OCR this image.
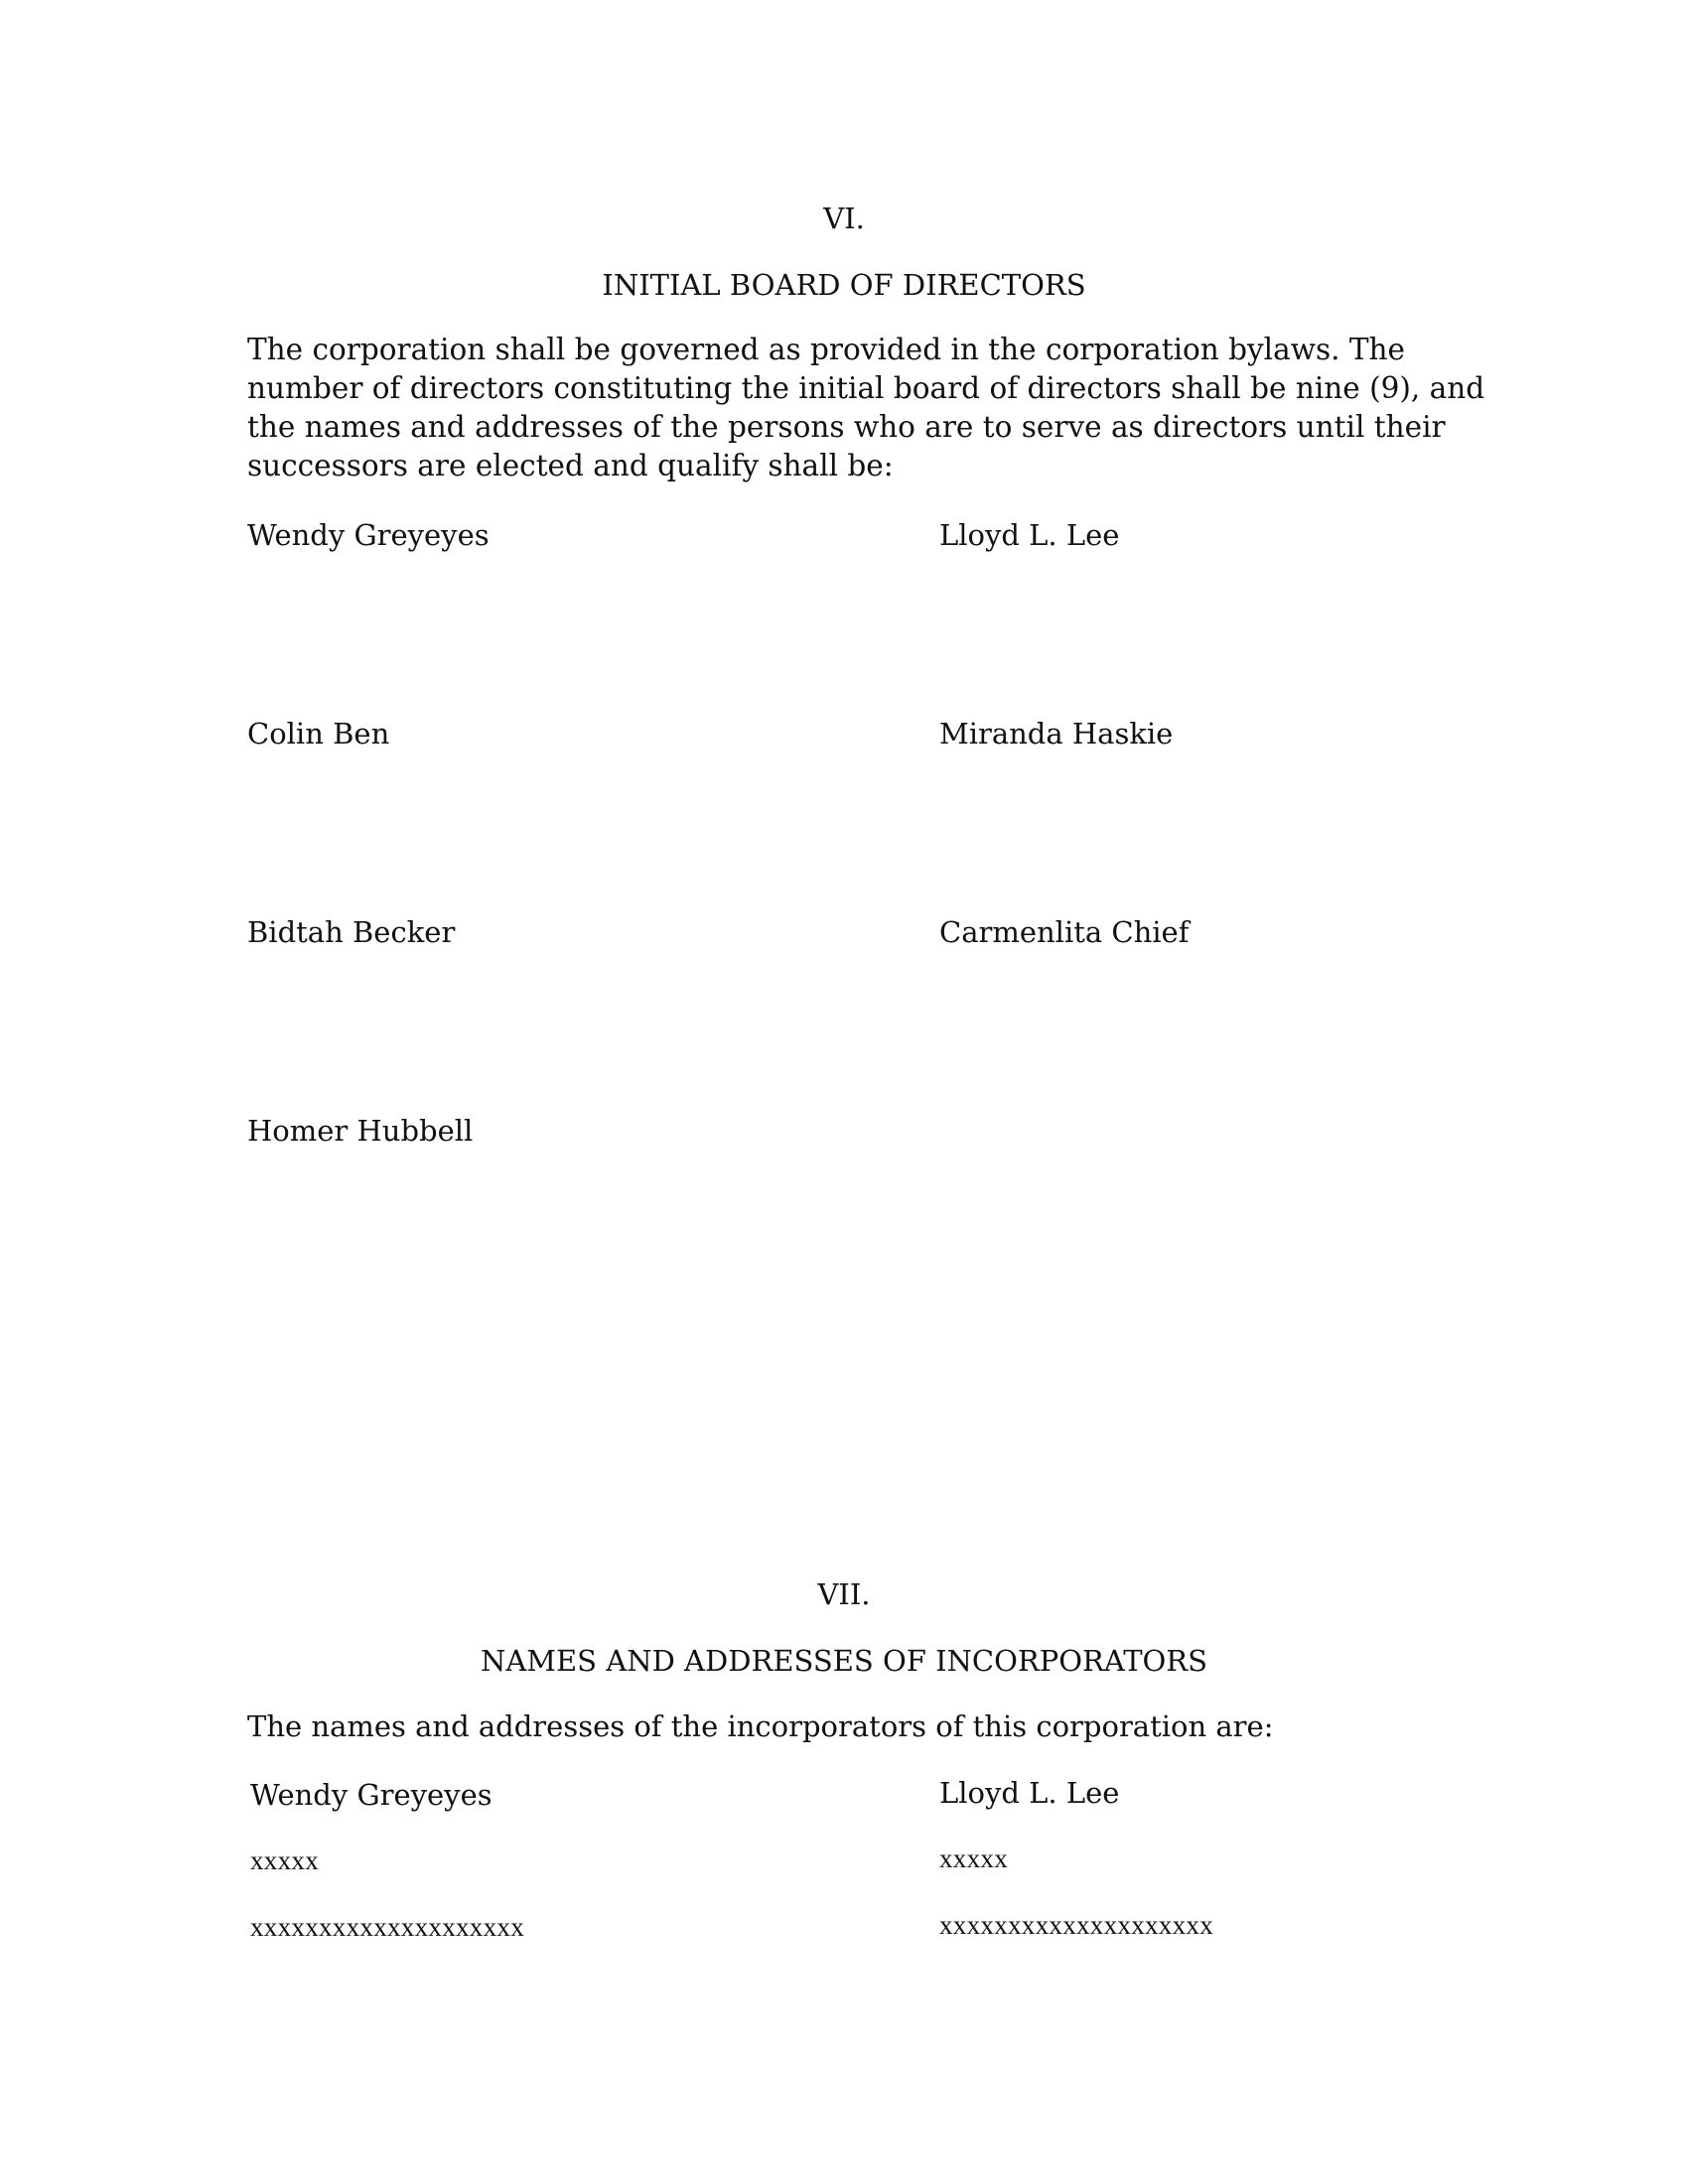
VI.
INITIAL BOARD OF DIRECTORS
The corporation shall be governed as provided in the corporation bylaws. The
number of directors constituting the initial board of directors shall be nine (9), and
the names and addresses of the persons who are to serve as directors until their
successors are elected and qualify shall be:
Wendy Greyeyes	Lloyd L. Lee
Colin Ben	Miranda Haskie
Bidtah Becker	Carmenlita Chief
Homer Hubbell
VII.
NAMES AND ADDRESSES OF INCORPORATORS
The names and addresses of the incorporators of this corporation are:
Wendy Greyeyes	Lloyd L. Lee
xxxxx	xxxxx
xxxxxxxxxxxxxxxxxxxx	xxxxxxxxxxxxxxxxxxxx
